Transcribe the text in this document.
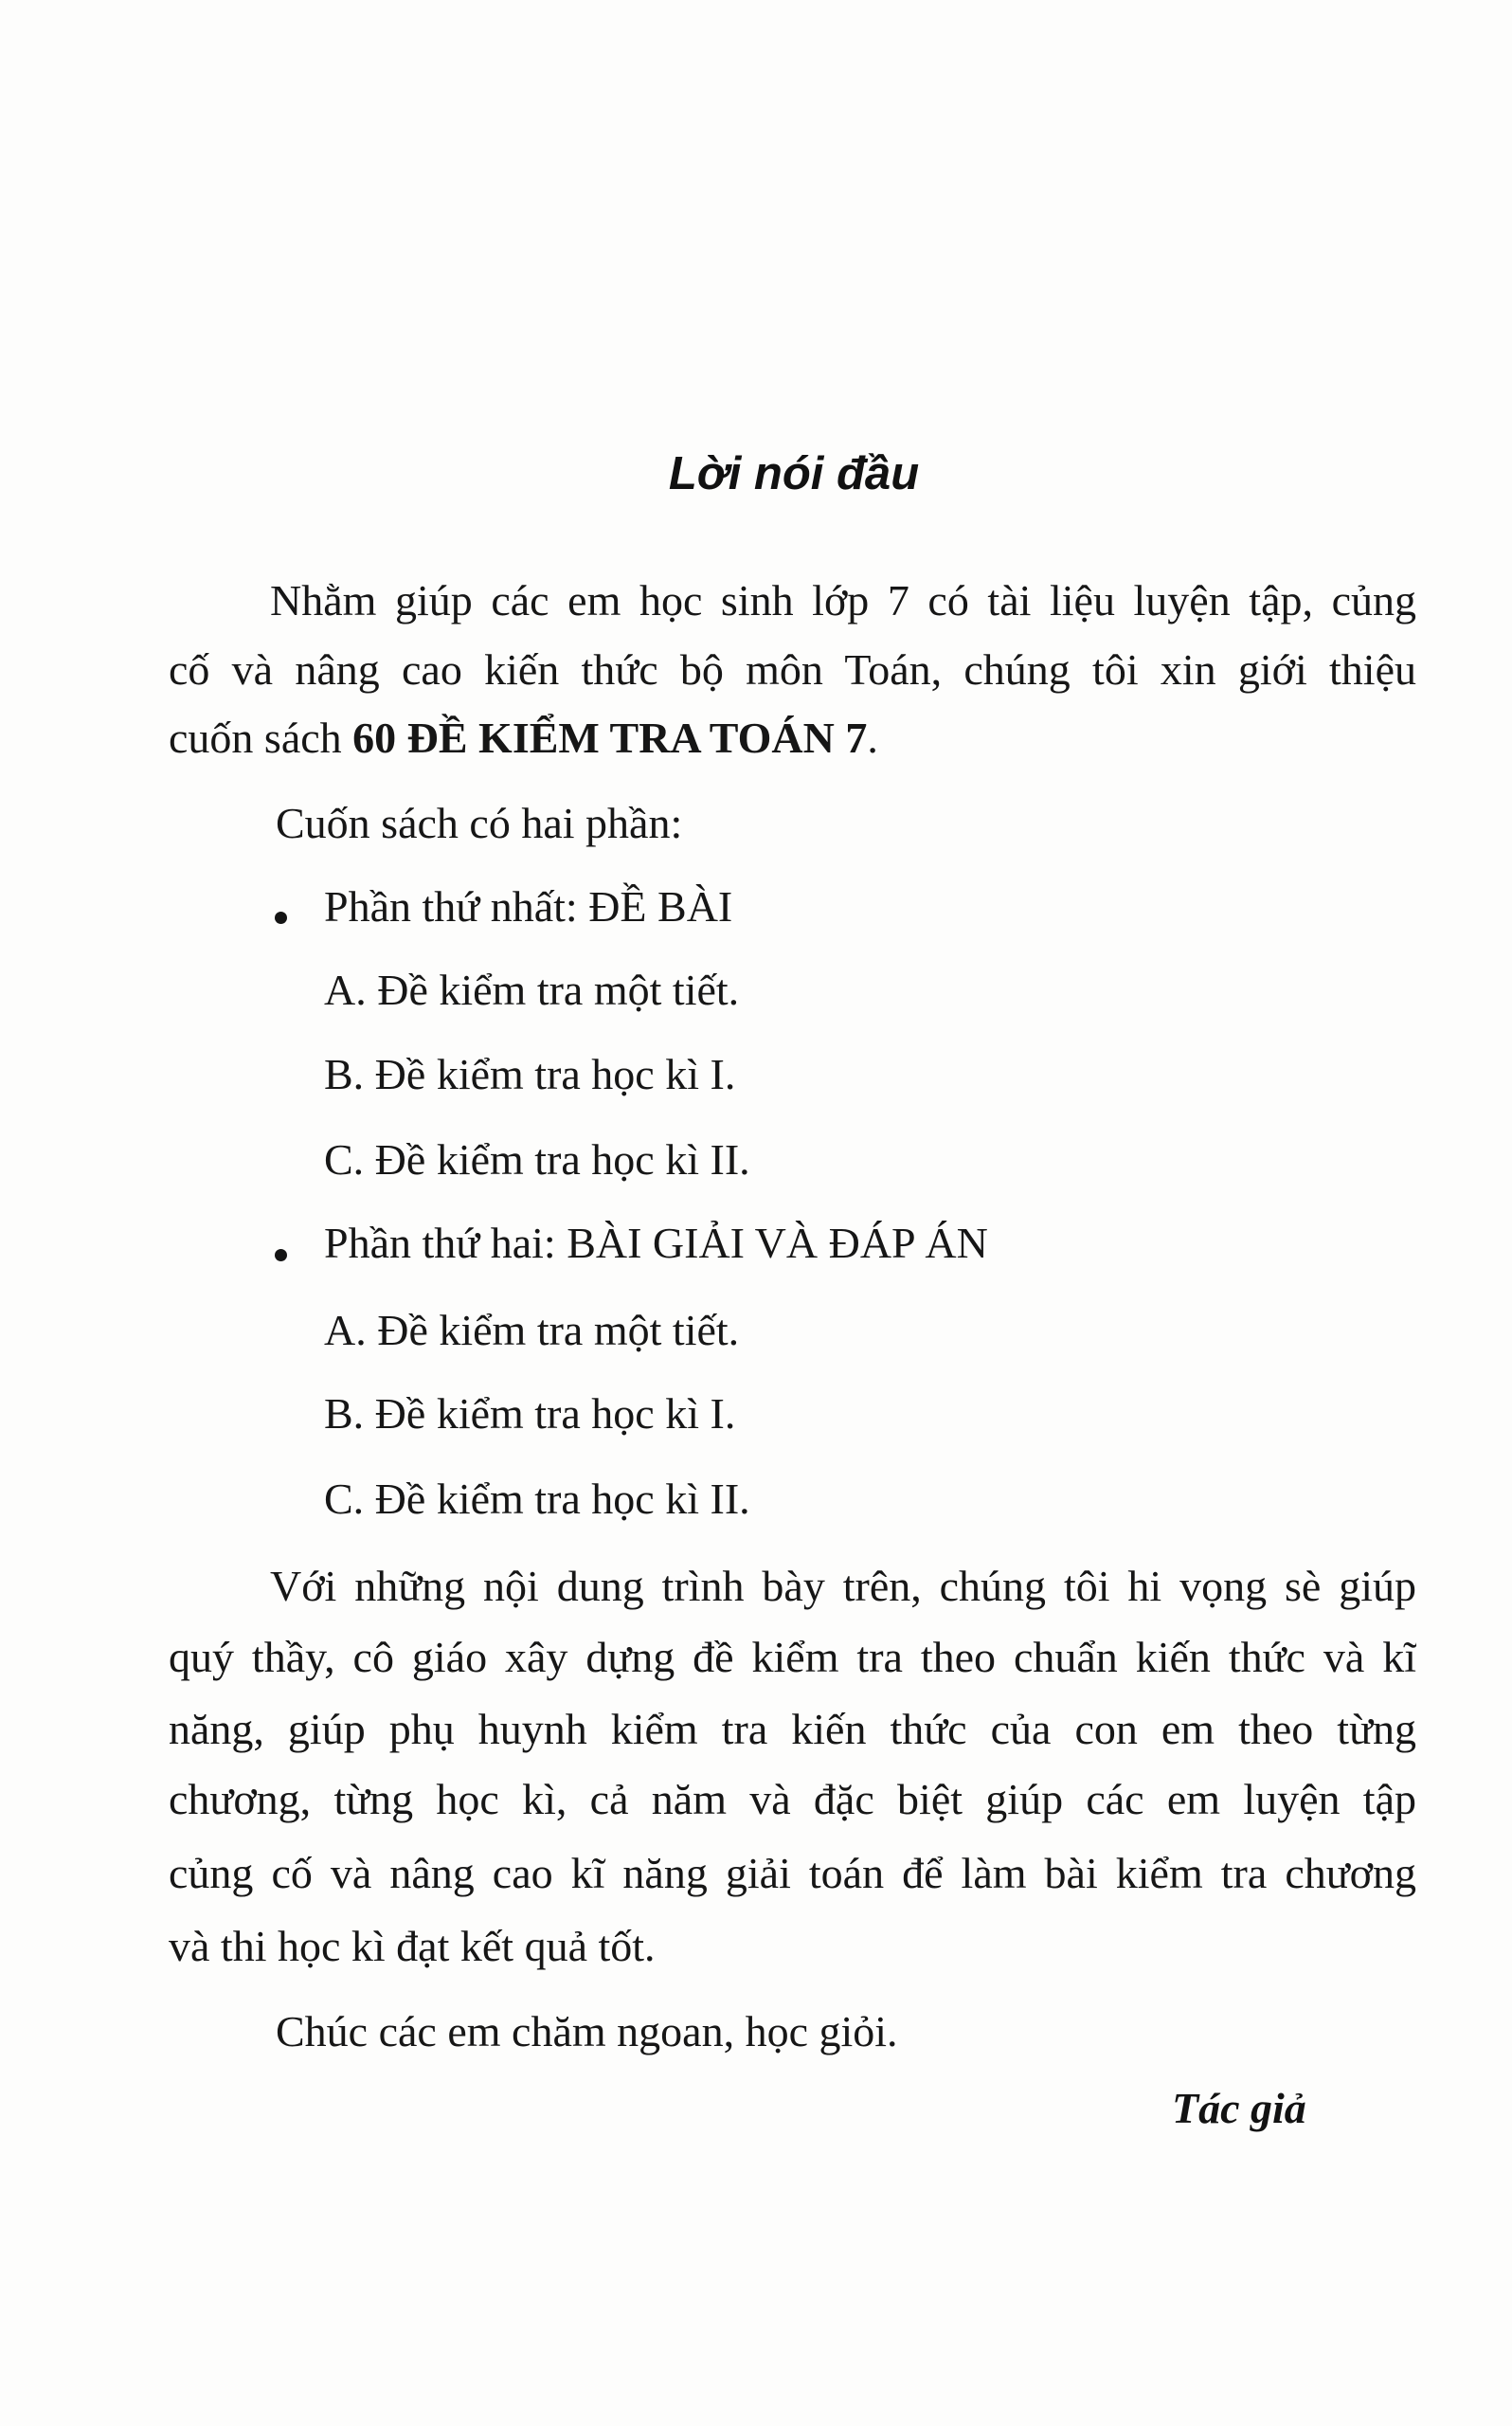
Lời nói đầu
Nhằm giúp các em học sinh lớp 7 có tài liệu luyện tập, củng
cố và nâng cao kiến thức bộ môn Toán, chúng tôi xin giới thiệu
cuốn sách 60 ĐỀ KIỂM TRA TOÁN 7.
Cuốn sách có hai phần:
Phần thứ nhất: ĐỀ BÀI
A. Đề kiểm tra một tiết.
B. Đề kiểm tra học kì I.
C. Đề kiểm tra học kì II.
Phần thứ hai: BÀI GIẢI VÀ ĐÁP ÁN
A. Đề kiểm tra một tiết.
B. Đề kiểm tra học kì I.
C. Đề kiểm tra học kì II.
Với những nội dung trình bày trên, chúng tôi hi vọng sè giúp
quý thầy, cô giáo xây dựng đề kiểm tra theo chuẩn kiến thức và kĩ
năng, giúp phụ huynh kiểm tra kiến thức của con em theo từng
chương, từng học kì, cả năm và đặc biệt giúp các em luyện tập
củng cố và nâng cao kĩ năng giải toán để làm bài kiểm tra chương
và thi học kì đạt kết quả tốt.
Chúc các em chăm ngoan, học giỏi.
Tác giả
